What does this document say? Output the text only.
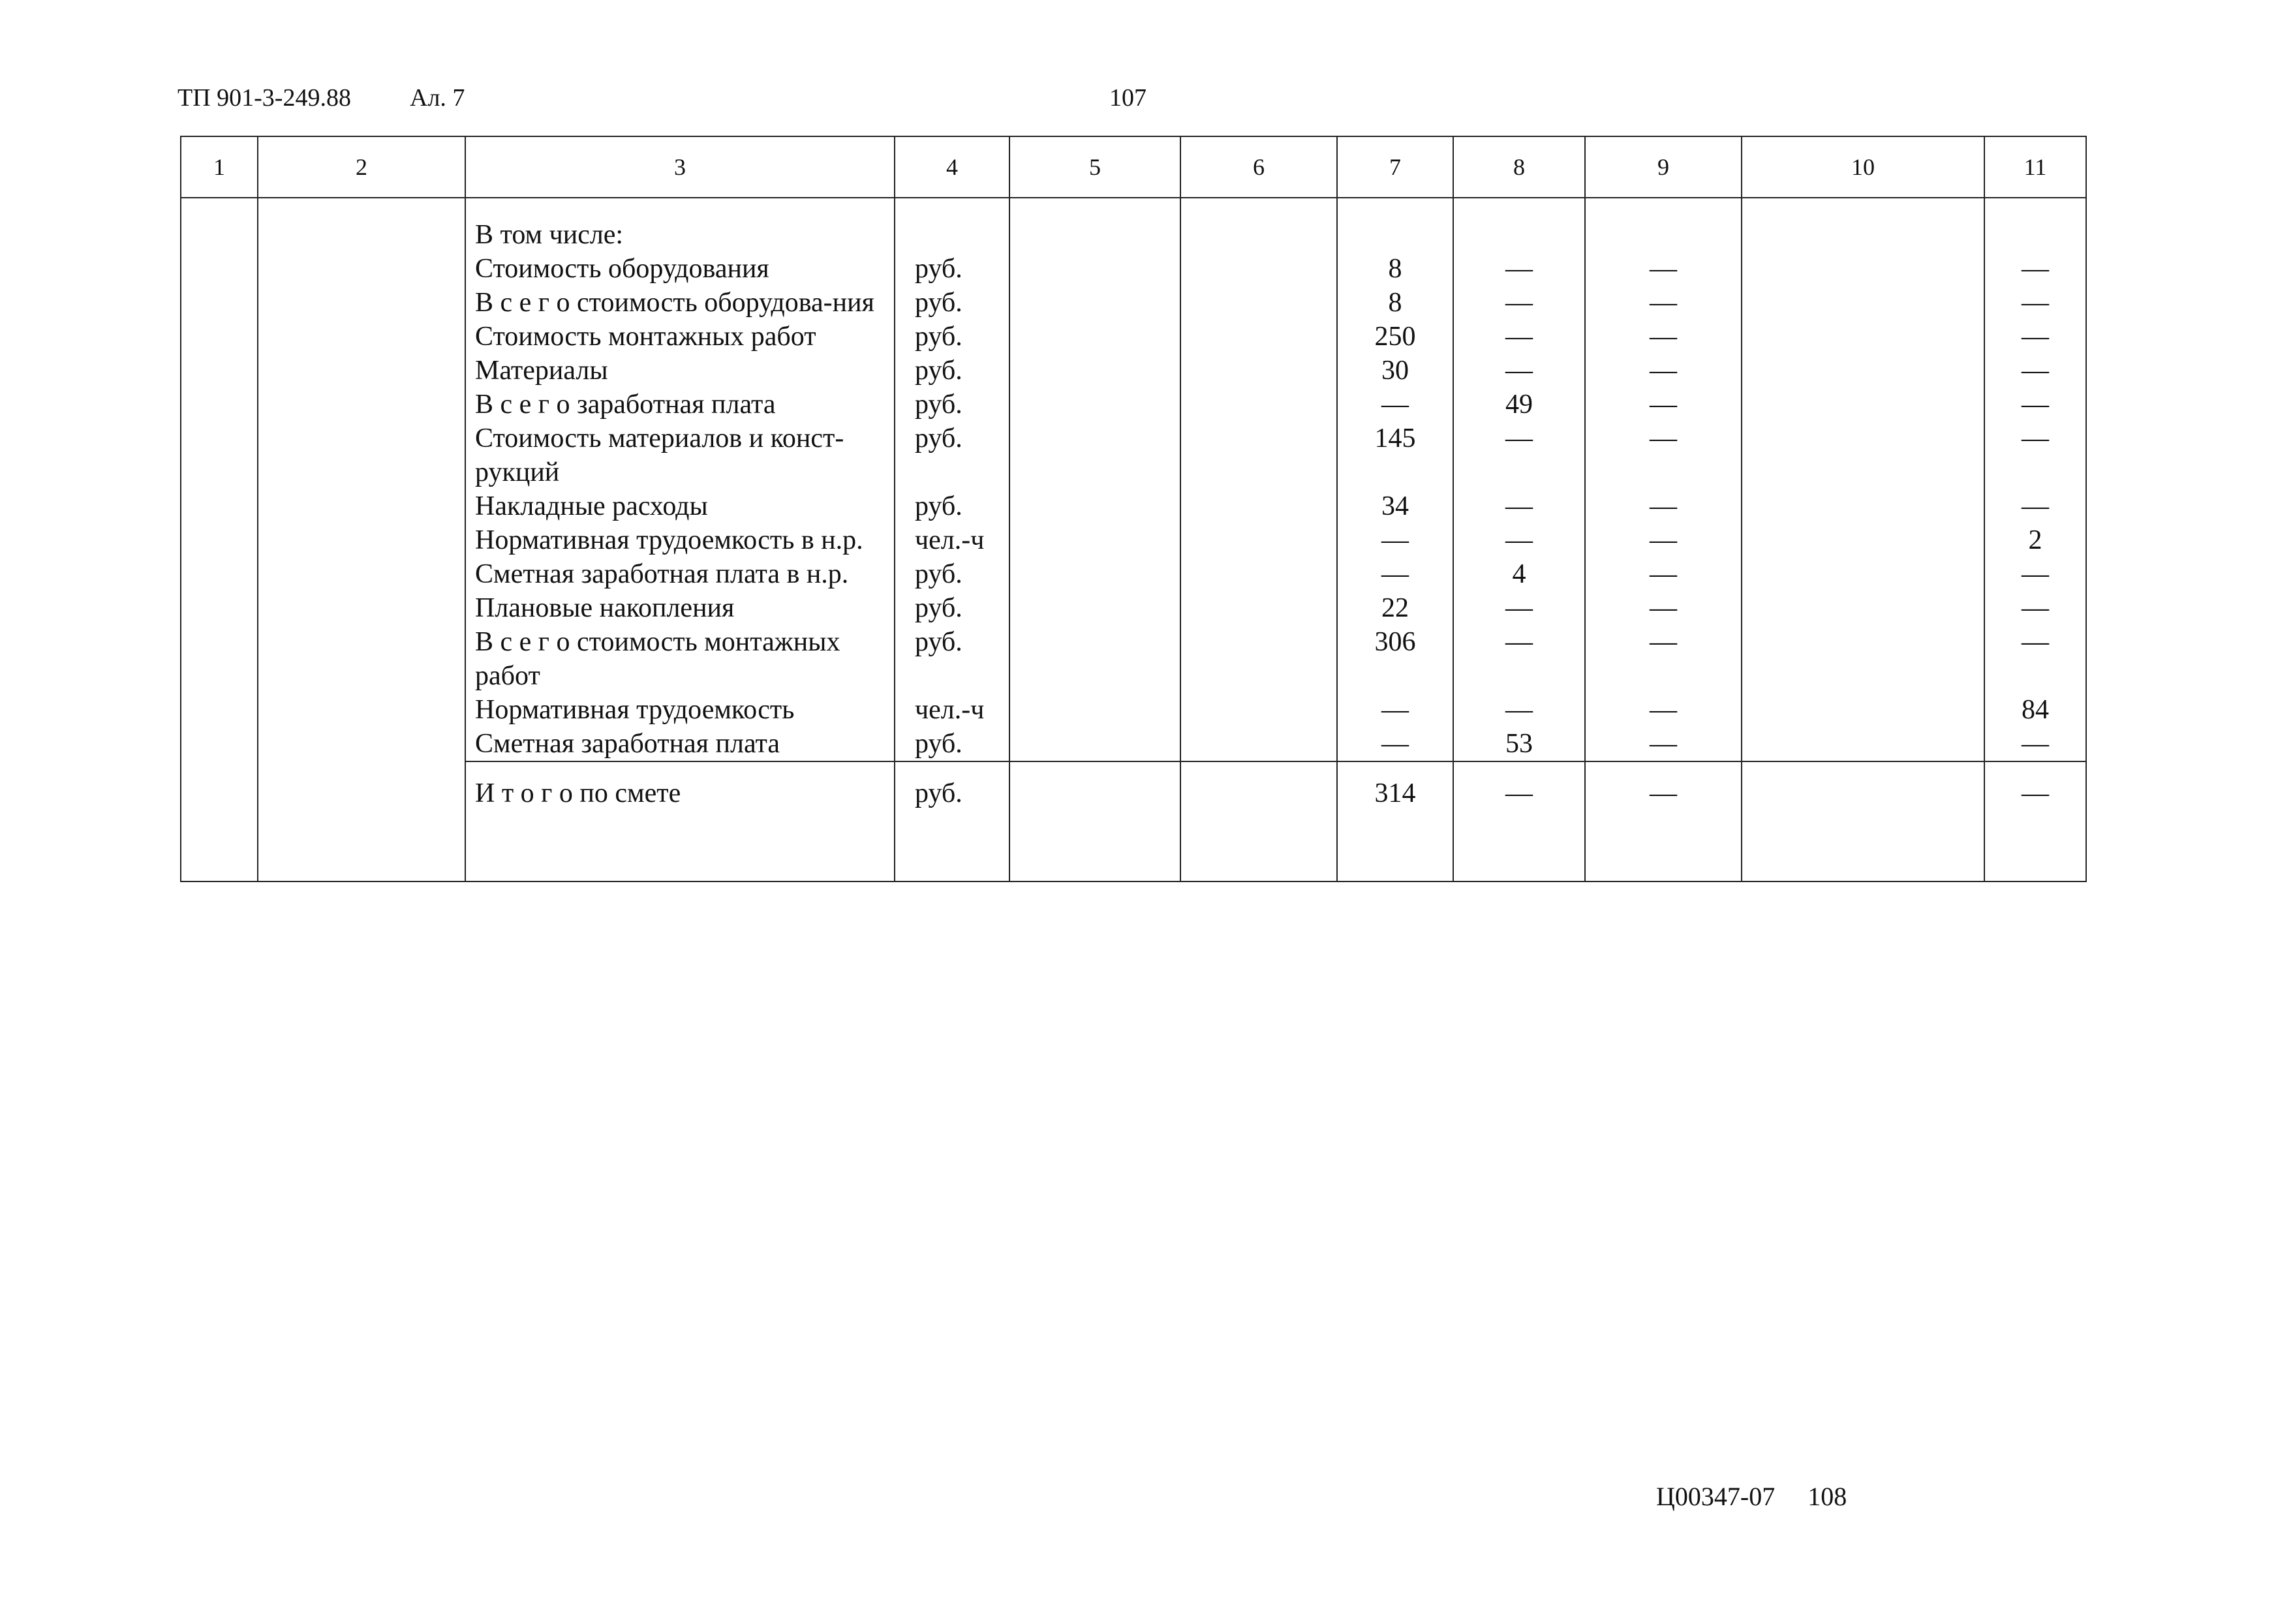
ТП 901-3-249.88 Ал. 7	107
1	2	3	4	5	6	7	8	9	10	11
		В том числе:								
		Стоимость оборудования	руб.			8	—	—		—
		В с е г о стоимость оборудова-ния	руб.			8	—	—		—
		Стоимость монтажных работ	руб.			250	—	—		—
		Материалы	руб.			30	—	—		—
		В с е г о заработная плата	руб.			—	49	—		—
		Стоимость материалов и конст-рукций	руб.			145	—	—		—
		Накладные расходы	руб.			34	—	—		—
		Нормативная трудоемкость в н.р.	чел.-ч			—	—	—		2
		Сметная заработная плата в н.р.	руб.			—	4	—		—
		Плановые накопления	руб.			22	—	—		—
		В с е г о стоимость монтажных работ	руб.			306	—	—		—
		Нормативная трудоемкость	чел.-ч			—	—	—		84
		Сметная заработная плата	руб.			—	53	—		—
		И т о г о по смете	руб.			314	—	—		—
Ц00347-07 108
